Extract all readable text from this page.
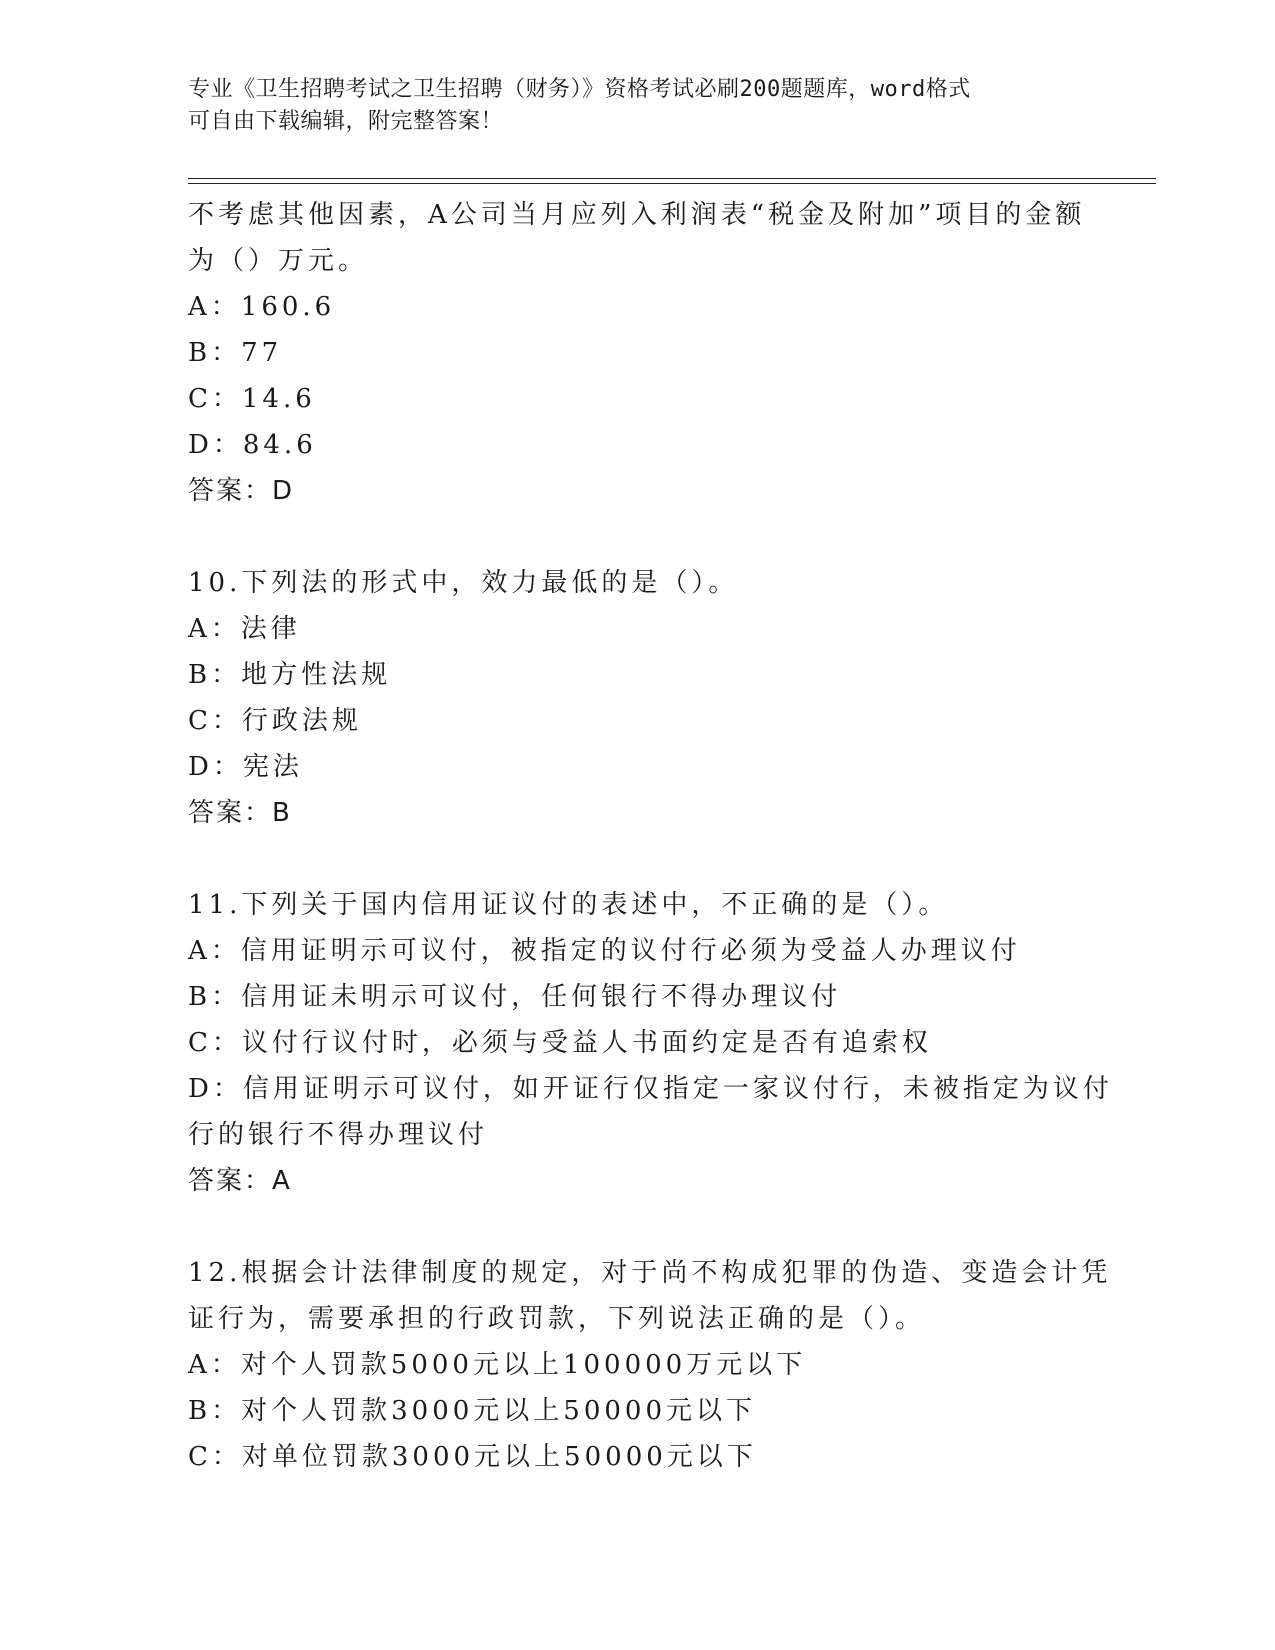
专业《卫生招聘考试之卫生招聘（财务）》资格考试必刷200题题库，word格式
可自由下载编辑，附完整答案！
不考虑其他因素，A公司当月应列入利润表“税金及附加”项目的金额
为（）万元。
A：160.6
B：77
C：14.6
D：84.6
答案：D
10.下列法的形式中，效力最低的是（）。
A：法律
B：地方性法规
C：行政法规
D：宪法
答案：B
11.下列关于国内信用证议付的表述中，不正确的是（）。
A：信用证明示可议付，被指定的议付行必须为受益人办理议付
B：信用证未明示可议付，任何银行不得办理议付
C：议付行议付时，必须与受益人书面约定是否有追索权
D：信用证明示可议付，如开证行仅指定一家议付行，未被指定为议付
行的银行不得办理议付
答案：A
12.根据会计法律制度的规定，对于尚不构成犯罪的伪造、变造会计凭
证行为，需要承担的行政罚款，下列说法正确的是（）。
A：对个人罚款5000元以上100000万元以下
B：对个人罚款3000元以上50000元以下
C：对单位罚款3000元以上50000元以下
